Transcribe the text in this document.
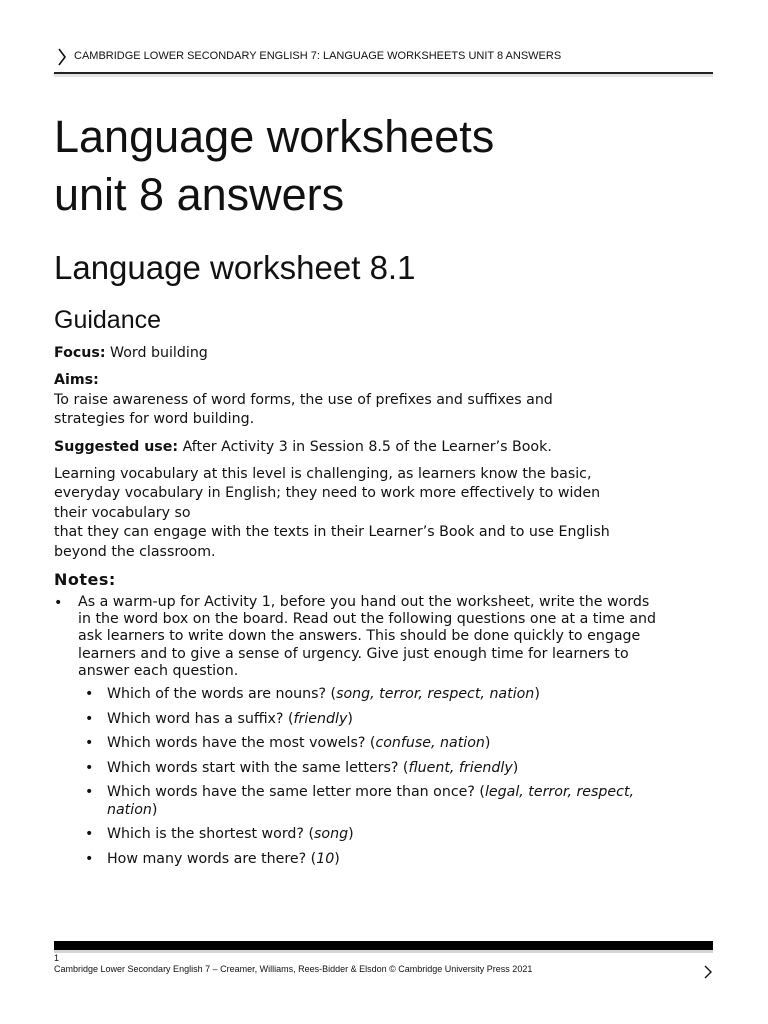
CAMBRIDGE LOWER SECONDARY ENGLISH 7: LANGUAGE WORKSHEETS UNIT 8 ANSWERS
Language worksheets
unit 8 answers
Language worksheet 8.1
Guidance

Focus: Word building

Aims:
To raise awareness of word forms, the use of prefixes and suffixes and
strategies for word building.

Suggested use: After Activity 3 in Session 8.5 of the Learner’s Book.

Learning vocabulary at this level is challenging, as learners know the basic,
everyday vocabulary in English; they need to work more effectively to widen
their vocabulary so
that they can engage with the texts in their Learner’s Book and to use English
beyond the classroom.

Notes:

• As a warm-up for Activity 1, before you hand out the worksheet, write the words
in the word box on the board. Read out the following questions one at a time and
ask learners to write down the answers. This should be done quickly to engage
learners and to give a sense of urgency. Give just enough time for learners to
answer each question.
• Which of the words are nouns? (song, terror, respect, nation)
• Which word has a suffix? (friendly)
• Which words have the most vowels? (confuse, nation)
• Which words start with the same letters? (fluent, friendly)
• Which words have the same letter more than once? (legal, terror, respect,
nation)
• Which is the shortest word? (song)
• How many words are there? (10)
1
Cambridge Lower Secondary English 7 – Creamer, Williams, Rees-Bidder & Elsdon © Cambridge University Press 2021
